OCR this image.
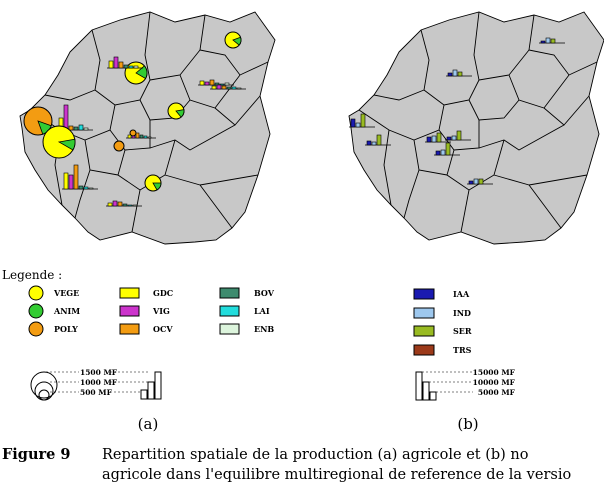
Legende :
VEGE
ANIM
POLY
GDC
VIG
OCV
BOV
LAI
ENB
IAA
IND
SER
TRS
1500 MF
1000 MF
500 MF
15000 MF
10000 MF
5000 MF
(a)	(b)
Figure 9 Repartition spatiale de la production (a) agricole et (b) no
agricole dans l'equilibre multiregional de reference de la versio
